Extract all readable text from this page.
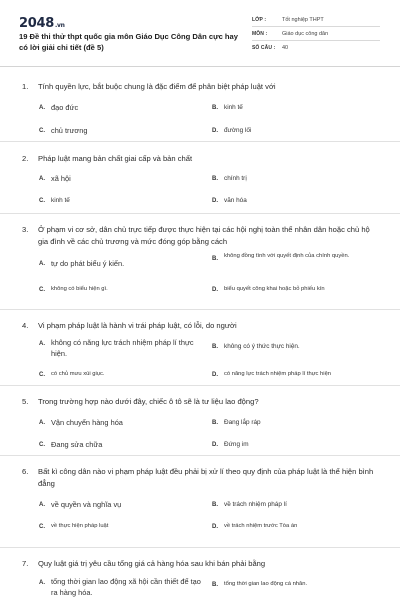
2048.vn
19 Đề thi thử thpt quốc gia môn Giáo Dục Công Dân cực hay có lời giải chi tiết (đề 5)
LỚP :	Tốt nghiệp THPT
MÔN :	Giáo dục công dân
SỐ CÂU :	40
1.	Tính quyền lực, bắt buộc chung là đặc điểm để phân biệt pháp luật với
A. đạo đức	B. kinh tế
C. chủ trương	D. đường lối
2.	Pháp luật mang bản chất giai cấp và bản chất
A. xã hội	B. chính trị
C. kinh tế	D. văn hóa
3.	Ở phạm vi cơ sở, dân chủ trực tiếp được thực hiện tại các hội nghị toàn thể nhân dân hoặc chủ hộ gia đình về các chủ trương và mức đóng góp bằng cách
A. tự do phát biểu ý kiến.	B.	không đồng tình với quyết định của chính quyền.
C.	không có biểu hiện gì.	D.	biểu quyết công khai hoặc bỏ phiếu kín
4.	Vi phạm pháp luật là hành vi trái pháp luật, có lỗi, do người
A. không có năng lực trách nhiệm pháp lí thực hiện.
B. không có ý thức thực hiện.
C.	có chủ mưu xúi giục.	D.	có năng lực trách nhiệm pháp lí thực hiện
5.	Trong trường hợp nào dưới đây, chiếc ô tô sẽ là tư liệu lao động?
A. Vận chuyển hàng hóa	B. Đang lắp ráp
C. Đang sửa chữa	D. Đứng im
6.	Bất kì công dân nào vi phạm pháp luật đều phải bị xử lí theo quy định của pháp luật là thể hiện bình đẳng
A. về quyền và nghĩa vụ	B. về trách nhiệm pháp lí
C.	về thực hiện pháp luật	D.	về trách nhiệm trước Tòa án
7.	Quy luật giá trị yêu cầu tổng giá cả hàng hóa sau khi bán phải bằng
A. tổng thời gian lao động xã hội cần thiết để tạo ra hàng hóa.
B.	tổng thời gian lao động cá nhân.
